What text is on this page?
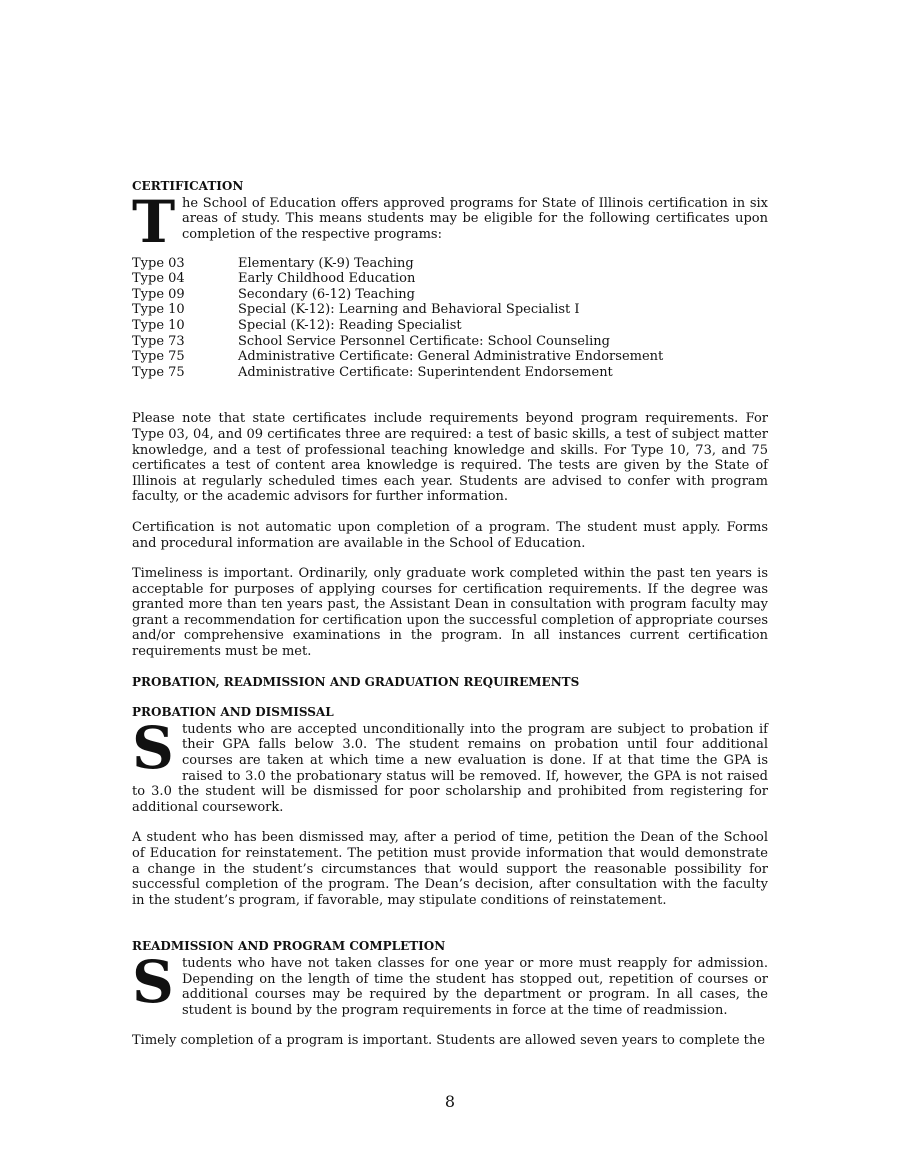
CERTIFICATION

The School of Education offers approved programs for State of Illinois certification in six areas of study. This means students may be eligible for the following certificates upon completion of the respective programs:

Type 03	Elementary (K-9) Teaching
Type 04	Early Childhood Education
Type 09	Secondary (6-12) Teaching
Type 10	Special (K-12): Learning and Behavioral Specialist I
Type 10	Special (K-12): Reading Specialist
Type 73	School Service Personnel Certificate: School Counseling
Type 75	Administrative Certificate: General Administrative Endorsement
Type 75	Administrative Certificate: Superintendent Endorsement

Please note that state certificates include requirements beyond program requirements. For Type 03, 04, and 09 certificates three are required: a test of basic skills, a test of subject matter knowledge, and a test of professional teaching knowledge and skills. For Type 10, 73, and 75 certificates a test of content area knowledge is required. The tests are given by the State of Illinois at regularly scheduled times each year. Students are advised to confer with program faculty, or the academic advisors for further information.

Certification is not automatic upon completion of a program. The student must apply. Forms and procedural information are available in the School of Education.

Timeliness is important. Ordinarily, only graduate work completed within the past ten years is acceptable for purposes of applying courses for certification requirements. If the degree was granted more than ten years past, the Assistant Dean in consultation with program faculty may grant a recommendation for certification upon the successful completion of appropriate courses and/or comprehensive examinations in the program. In all instances current certification requirements must be met.

PROBATION, READMISSION AND GRADUATION REQUIREMENTS
PROBATION AND DISMISSAL

Students who are accepted unconditionally into the program are subject to probation if their GPA falls below 3.0. The student remains on probation until four additional courses are taken at which time a new evaluation is done. If at that time the GPA is raised to 3.0 the probationary status will be removed. If, however, the GPA is not raised to 3.0 the student will be dismissed for poor scholarship and prohibited from registering for additional coursework.

A student who has been dismissed may, after a period of time, petition the Dean of the School of Education for reinstatement. The petition must provide information that would demonstrate a change in the student’s circumstances that would support the reasonable possibility for successful completion of the program. The Dean’s decision, after consultation with the faculty in the student’s program, if favorable, may stipulate conditions of reinstatement.

READMISSION AND PROGRAM COMPLETION

Students who have not taken classes for one year or more must reapply for admission. Depending on the length of time the student has stopped out, repetition of courses or additional courses may be required by the department or program. In all cases, the student is bound by the program requirements in force at the time of readmission.

Timely completion of a program is important. Students are allowed seven years to complete the

8
